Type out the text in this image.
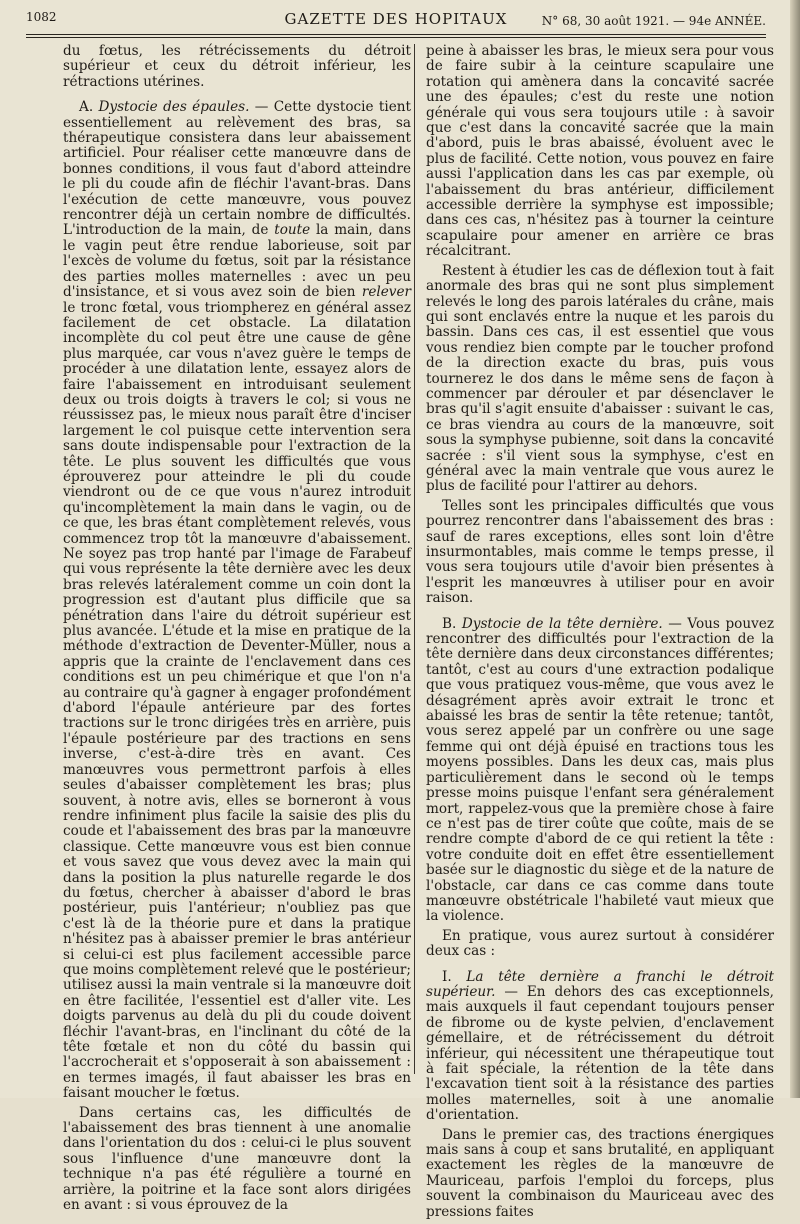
1082	GAZETTE DES HOPITAUX	N° 68, 30 août 1921. — 94e ANNÉE.

du fœtus, les rétrécissements du détroit supérieur et ceux du détroit inférieur, les rétractions utérines.

A. Dystocie des épaules. — Cette dystocie tient essentiellement au relèvement des bras, sa thérapeutique consistera dans leur abaissement artificiel. Pour réaliser cette manœuvre dans de bonnes conditions, il vous faut d'abord atteindre le pli du coude afin de fléchir l'avant-bras. Dans l'exécution de cette manœuvre, vous pouvez rencontrer déjà un certain nombre de difficultés. L'introduction de la main, de toute la main, dans le vagin peut être rendue laborieuse, soit par l'excès de volume du fœtus, soit par la résistance des parties molles maternelles : avec un peu d'insistance, et si vous avez soin de bien relever le tronc fœtal, vous triompherez en général assez facilement de cet obstacle. La dilatation incomplète du col peut être une cause de gêne plus marquée, car vous n'avez guère le temps de procéder à une dilatation lente, essayez alors de faire l'abaissement en introduisant seulement deux ou trois doigts à travers le col; si vous ne réussissez pas, le mieux nous paraît être d'inciser largement le col puisque cette intervention sera sans doute indispensable pour l'extraction de la tête. Le plus souvent les difficultés que vous éprouverez pour atteindre le pli du coude viendront ou de ce que vous n'aurez introduit qu'incomplètement la main dans le vagin, ou de ce que, les bras étant complètement relevés, vous commencez trop tôt la manœuvre d'abaissement. Ne soyez pas trop hanté par l'image de Farabeuf qui vous représente la tête dernière avec les deux bras relevés latéralement comme un coin dont la progression est d'autant plus difficile que sa pénétration dans l'aire du détroit supérieur est plus avancée. L'étude et la mise en pratique de la méthode d'extraction de Deventer-Müller, nous a appris que la crainte de l'enclavement dans ces conditions est un peu chimérique et que l'on n'a au contraire qu'à gagner à engager profondément d'abord l'épaule antérieure par des fortes tractions sur le tronc dirigées très en arrière, puis l'épaule postérieure par des tractions en sens inverse, c'est-à-dire très en avant. Ces manœuvres vous permettront parfois à elles seules d'abaisser complètement les bras; plus souvent, à notre avis, elles se borneront à vous rendre infiniment plus facile la saisie des plis du coude et l'abaissement des bras par la manœuvre classique. Cette manœuvre vous est bien connue et vous savez que vous devez avec la main qui dans la position la plus naturelle regarde le dos du fœtus, chercher à abaisser d'abord le bras postérieur, puis l'antérieur; n'oubliez pas que c'est là de la théorie pure et dans la pratique n'hésitez pas à abaisser premier le bras antérieur si celui-ci est plus facilement accessible parce que moins complètement relevé que le postérieur; utilisez aussi la main ventrale si la manœuvre doit en être facilitée, l'essentiel est d'aller vite. Les doigts parvenus au delà du pli du coude doivent fléchir l'avant-bras, en l'inclinant du côté de la tête fœtale et non du côté du bassin qui l'accrocherait et s'opposerait à son abaissement : en termes imagés, il faut abaisser les bras en faisant moucher le fœtus.

Dans certains cas, les difficultés de l'abaissement des bras tiennent à une anomalie dans l'orientation du dos : celui-ci le plus souvent sous l'influence d'une manœuvre dont la technique n'a pas été régulière a tourné en arrière, la poitrine et la face sont alors dirigées en avant : si vous éprouvez de la

peine à abaisser les bras, le mieux sera pour vous de faire subir à la ceinture scapulaire une rotation qui amènera dans la concavité sacrée une des épaules; c'est du reste une notion générale qui vous sera toujours utile : à savoir que c'est dans la concavité sacrée que la main d'abord, puis le bras abaissé, évoluent avec le plus de facilité. Cette notion, vous pouvez en faire aussi l'application dans les cas par exemple, où l'abaissement du bras antérieur, difficilement accessible derrière la symphyse est impossible; dans ces cas, n'hésitez pas à tourner la ceinture scapulaire pour amener en arrière ce bras récalcitrant.

Restent à étudier les cas de déflexion tout à fait anormale des bras qui ne sont plus simplement relevés le long des parois latérales du crâne, mais qui sont enclavés entre la nuque et les parois du bassin. Dans ces cas, il est essentiel que vous vous rendiez bien compte par le toucher profond de la direction exacte du bras, puis vous tournerez le dos dans le même sens de façon à commencer par dérouler et par désenclaver le bras qu'il s'agit ensuite d'abaisser : suivant le cas, ce bras viendra au cours de la manœuvre, soit sous la symphyse pubienne, soit dans la concavité sacrée : s'il vient sous la symphyse, c'est en général avec la main ventrale que vous aurez le plus de facilité pour l'attirer au dehors.

Telles sont les principales difficultés que vous pourrez rencontrer dans l'abaissement des bras : sauf de rares exceptions, elles sont loin d'être insurmontables, mais comme le temps presse, il vous sera toujours utile d'avoir bien présentes à l'esprit les manœuvres à utiliser pour en avoir raison.

B. Dystocie de la tête dernière. — Vous pouvez rencontrer des difficultés pour l'extraction de la tête dernière dans deux circonstances différentes; tantôt, c'est au cours d'une extraction podalique que vous pratiquez vous-même, que vous avez le désagrément après avoir extrait le tronc et abaissé les bras de sentir la tête retenue; tantôt, vous serez appelé par un confrère ou une sage femme qui ont déjà épuisé en tractions tous les moyens possibles. Dans les deux cas, mais plus particulièrement dans le second où le temps presse moins puisque l'enfant sera généralement mort, rappelez-vous que la première chose à faire ce n'est pas de tirer coûte que coûte, mais de se rendre compte d'abord de ce qui retient la tête : votre conduite doit en effet être essentiellement basée sur le diagnostic du siège et de la nature de l'obstacle, car dans ce cas comme dans toute manœuvre obstétricale l'habileté vaut mieux que la violence.

En pratique, vous aurez surtout à considérer deux cas :

I. La tête dernière a franchi le détroit supérieur. — En dehors des cas exceptionnels, mais auxquels il faut cependant toujours penser de fibrome ou de kyste pelvien, d'enclavement gémellaire, et de rétrécissement du détroit inférieur, qui nécessitent une thérapeutique tout à fait spéciale, la rétention de la tête dans l'excavation tient soit à la résistance des parties molles maternelles, soit à une anomalie d'orientation.

Dans le premier cas, des tractions énergiques mais sans à coup et sans brutalité, en appliquant exactement les règles de la manœuvre de Mauriceau, parfois l'emploi du forceps, plus souvent la combinaison du Mauriceau avec des pressions faites
